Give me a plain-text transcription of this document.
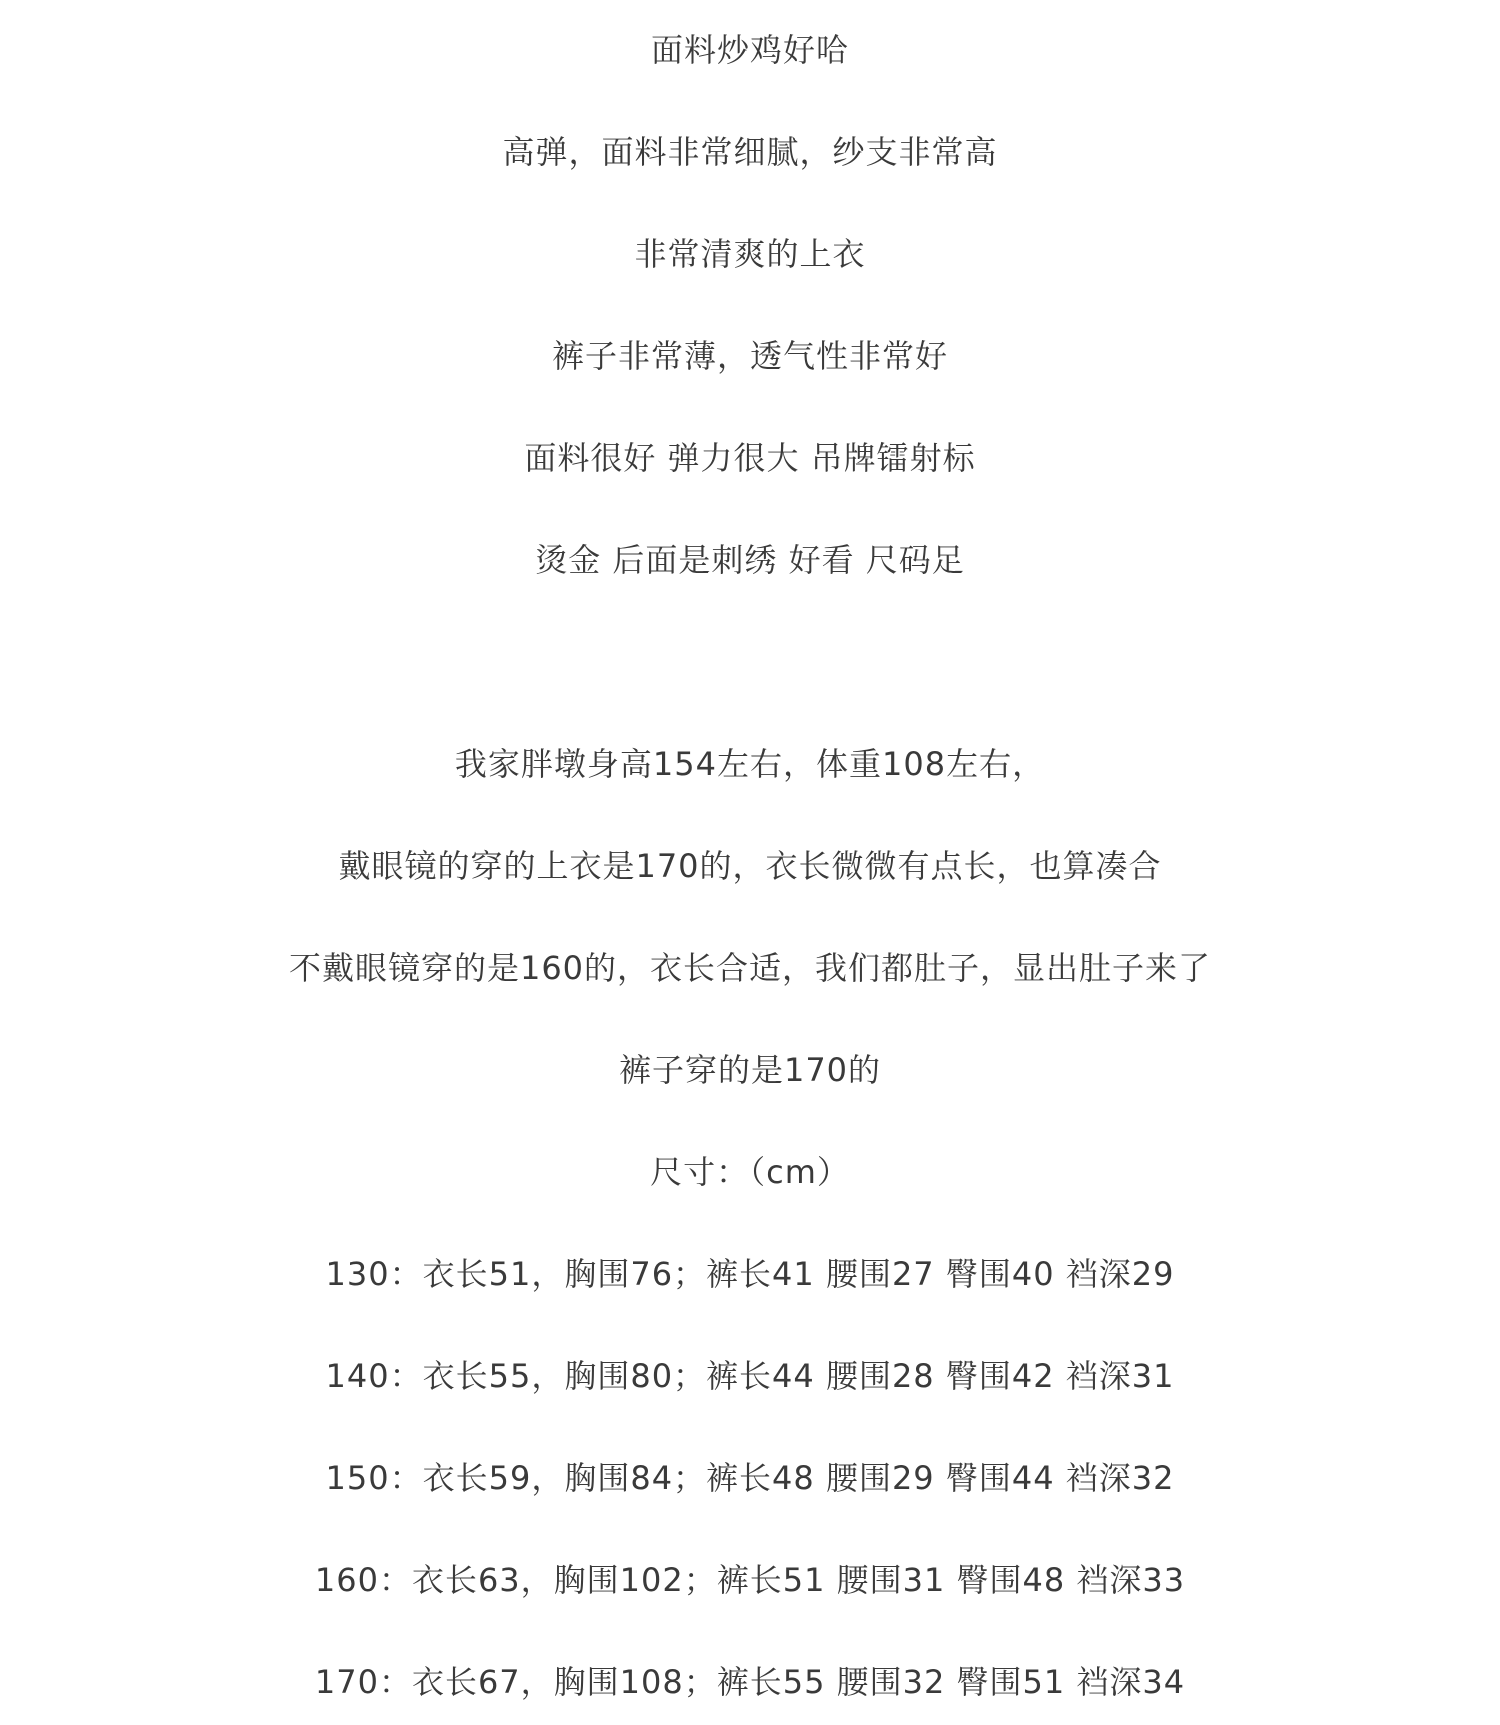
面料炒鸡好哈
高弹，面料非常细腻，纱支非常高
非常清爽的上衣
裤子非常薄，透气性非常好
面料很好 弹力很大 吊牌镭射标
烫金 后面是刺绣 好看 尺码足
我家胖墩身高154左右，体重108左右，
戴眼镜的穿的上衣是170的，衣长微微有点长，也算凑合
不戴眼镜穿的是160的，衣长合适，我们都肚子，显出肚子来了
裤子穿的是170的
尺寸：（cm）
130：衣长51，胸围76；裤长41 腰围27 臀围40 裆深29
140：衣长55，胸围80；裤长44 腰围28 臀围42 裆深31
150：衣长59，胸围84；裤长48 腰围29 臀围44 裆深32
160：衣长63，胸围102；裤长51 腰围31 臀围48 裆深33
170：衣长67，胸围108；裤长55 腰围32 臀围51 裆深34
